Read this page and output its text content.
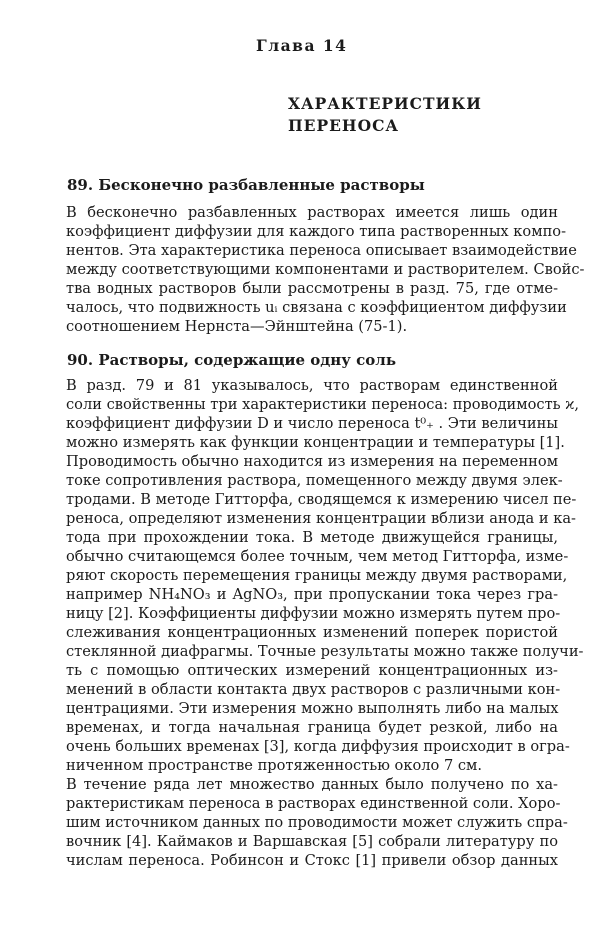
Глава 14
ХАРАКТЕРИСТИКИ
ПЕРЕНОСА
89. Бесконечно разбавленные растворы
В бесконечно разбавленных растворах имеется лишь один
коэффициент диффузии для каждого типа растворенных компо-
нентов. Эта характеристика переноса описывает взаимодействие
между соответствующими компонентами и растворителем. Свойс-
тва водных растворов были рассмотрены в разд. 75, где отме-
чалось, что подвижность uᵢ связана с коэффициентом диффузии
соотношением Нернста—Эйнштейна (75-1).
90. Растворы, содержащие одну соль
В разд. 79 и 81 указывалось, что растворам единственной
соли свойственны три характеристики переноса: проводимость ϰ,
коэффициент диффузии D и число переноса t⁰₊ . Эти величины
можно измерять как функции концентрации и температуры [1].
Проводимость обычно находится из измерения на переменном
токе сопротивления раствора, помещенного между двумя элек-
тродами. В методе Гитторфа, сводящемся к измерению чисел пе-
реноса, определяют изменения концентрации вблизи анода и ка-
тода при прохождении тока. В методе движущейся границы,
обычно считающемся более точным, чем метод Гитторфа, изме-
ряют скорость перемещения границы между двумя растворами,
например NH₄NO₃ и AgNO₃, при пропускании тока через гра-
ницу [2]. Коэффициенты диффузии можно измерять путем про-
слеживания концентрационных изменений поперек пористой
стеклянной диафрагмы. Точные результаты можно также получи-
ть с помощью оптических измерений концентрационных из-
менений в области контакта двух растворов с различными кон-
центрациями. Эти измерения можно выполнять либо на малых
временах, и тогда начальная граница будет резкой, либо на
очень больших временах [3], когда диффузия происходит в огра-
ниченном пространстве протяженностью около 7 см.
В течение ряда лет множество данных было получено по ха-
рактеристикам переноса в растворах единственной соли. Хоро-
шим источником данных по проводимости может служить спра-
вочник [4]. Каймаков и Варшавская [5] собрали литературу по
числам переноса. Робинсон и Стокс [1] привели обзор данных
